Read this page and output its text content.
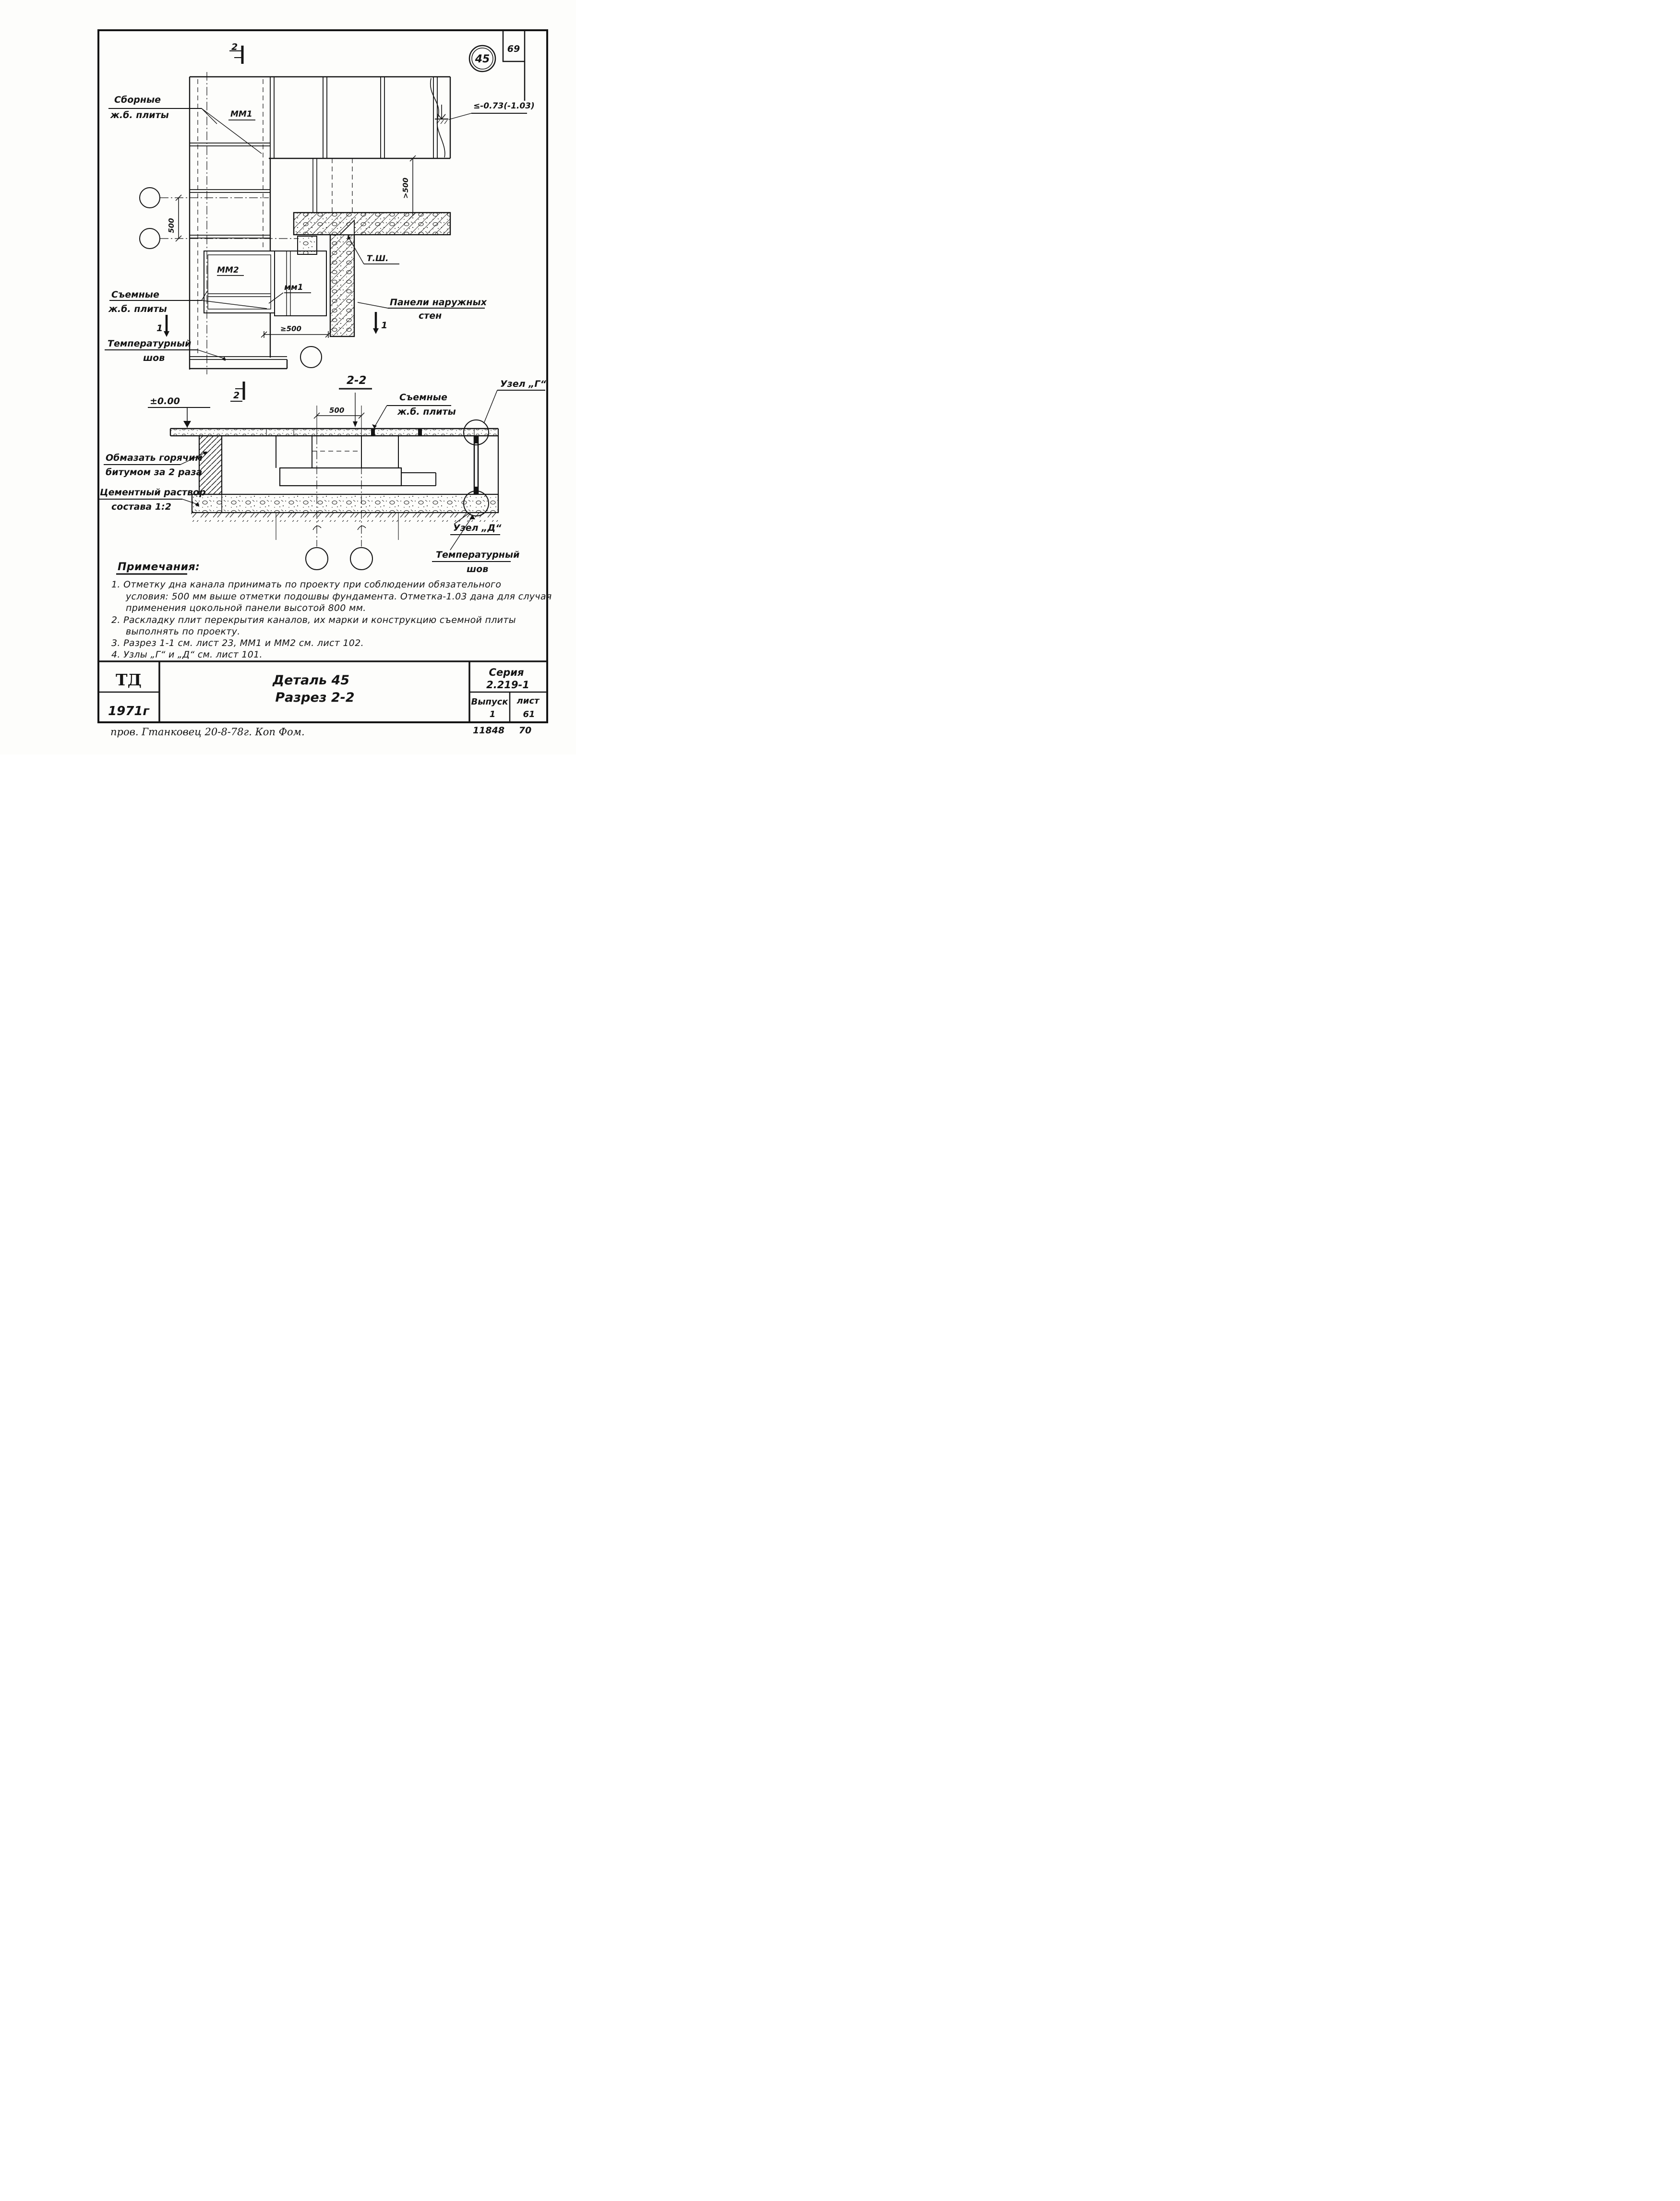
69
45
Сборные
ж.б. плиты	ММ1
≤-0.73(-1.03)
500
>500
ММ2
мм1
Т.Ш.
Съемные
ж.б. плиты
Панели наружных
стен
Температурный
шов
≥500
2
2
1	1
2-2
±0.00
500
Съемные
ж.б. плиты
Узел „Г“
Узел „Д“
Обмазать горячим
битумом за 2 раза
Цементный раствор
состава 1:2
Температурный
шов
Примечания:
1. Отметку дна канала принимать по проекту при соблюдении обязательного
условия: 500 мм выше отметки подошвы фундамента. Отметка-1.03 дана для случая
применения цокольной панели высотой 800 мм.
2. Раскладку плит перекрытия каналов, их марки и конструкцию съемной плиты
выполнять по проекту.
3. Разрез 1-1 см. лист 23, ММ1 и ММ2 см. лист 102.
4. Узлы „Г“ и „Д“ см. лист 101.
ТД
1971г
Деталь 45
Разрез 2-2
Серия
2.219-1
Выпуск
1
лист
61
11848 70
пров. Гтанковец 20-8-78г. Коп Фом.
